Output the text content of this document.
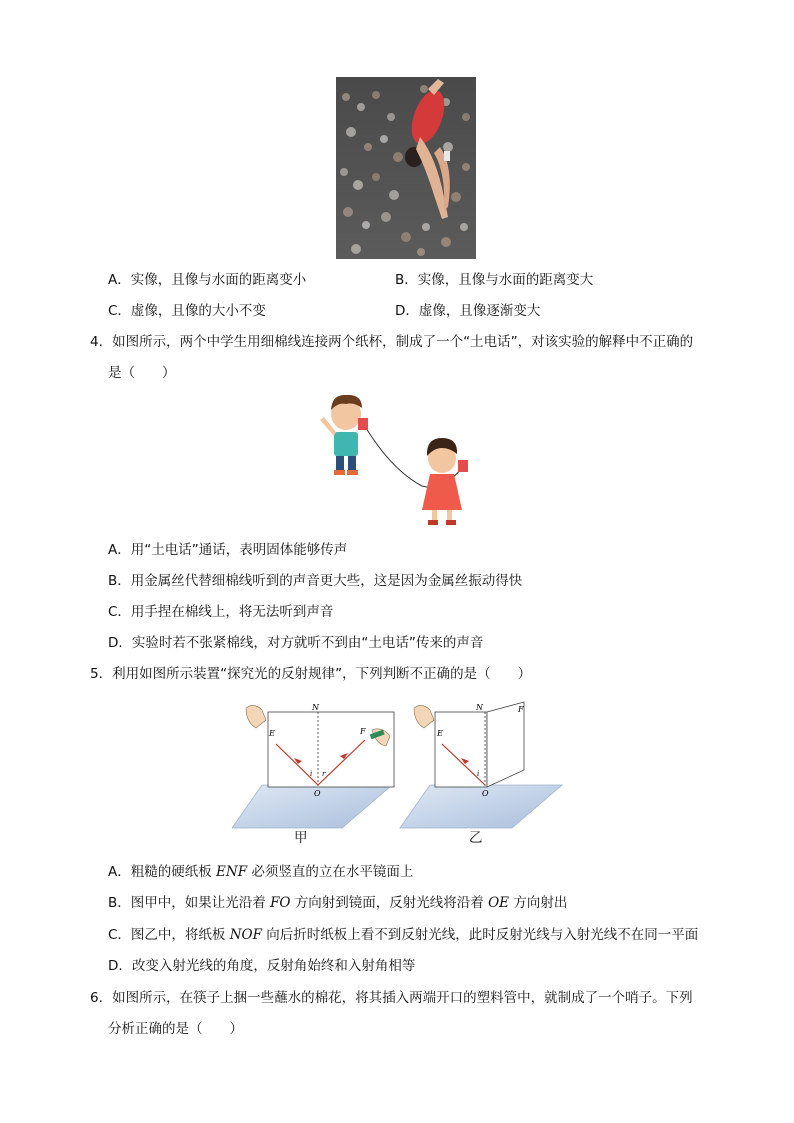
A．实像，且像与水面的距离变小	B．实像，且像与水面的距离变大
C．虚像，且像的大小不变	D．虚像，且像逐渐变大
4．如图所示，两个中学生用细棉线连接两个纸杯，制成了一个“土电话”，对该实验的解释中不正确的
是（　　）
A．用“土电话”通话，表明固体能够传声
B．用金属丝代替细棉线听到的声音更大些，这是因为金属丝振动得快
C．用手捏在棉线上，将无法听到声音
D．实验时若不张紧棉线，对方就听不到由“土电话”传来的声音
5．利用如图所示装置“探究光的反射规律”，下列判断不正确的是（　　）
N
E	F
O
i r
N
E
F
O
i
甲	乙
A．粗糙的硬纸板 ENF 必须竖直的立在水平镜面上
B．图甲中，如果让光沿着 FO 方向射到镜面，反射光线将沿着 OE 方向射出
C．图乙中，将纸板 NOF 向后折时纸板上看不到反射光线，此时反射光线与入射光线不在同一平面
D．改变入射光线的角度，反射角始终和入射角相等
6．如图所示，在筷子上捆一些蘸水的棉花，将其插入两端开口的塑料管中，就制成了一个哨子。下列
分析正确的是（　　）
